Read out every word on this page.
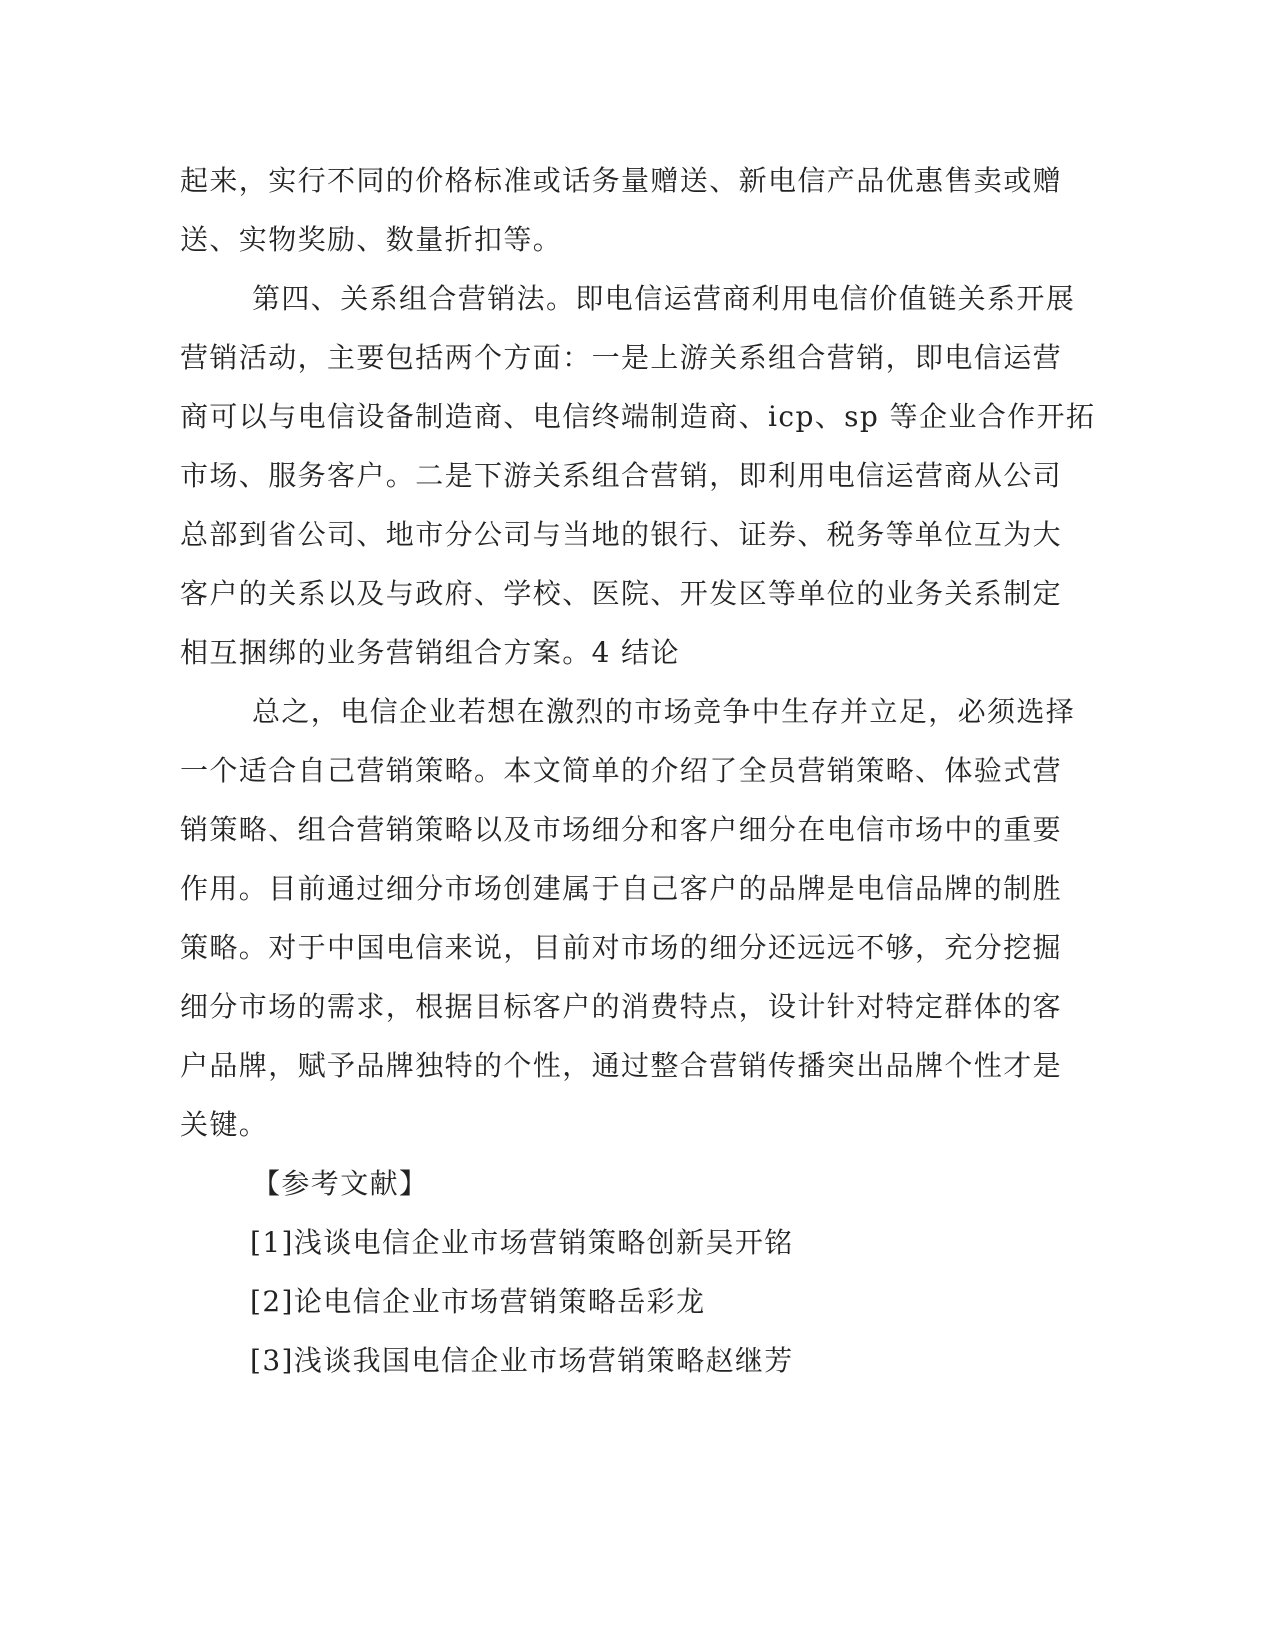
起来，实行不同的价格标准或话务量赠送、新电信产品优惠售卖或赠
送、实物奖励、数量折扣等。
第四、关系组合营销法。即电信运营商利用电信价值链关系开展
营销活动，主要包括两个方面：一是上游关系组合营销，即电信运营
商可以与电信设备制造商、电信终端制造商、icp、sp 等企业合作开拓
市场、服务客户。二是下游关系组合营销，即利用电信运营商从公司
总部到省公司、地市分公司与当地的银行、证券、税务等单位互为大
客户的关系以及与政府、学校、医院、开发区等单位的业务关系制定
相互捆绑的业务营销组合方案。4 结论
总之，电信企业若想在激烈的市场竞争中生存并立足，必须选择
一个适合自己营销策略。本文简单的介绍了全员营销策略、体验式营
销策略、组合营销策略以及市场细分和客户细分在电信市场中的重要
作用。目前通过细分市场创建属于自己客户的品牌是电信品牌的制胜
策略。对于中国电信来说，目前对市场的细分还远远不够，充分挖掘
细分市场的需求，根据目标客户的消费特点，设计针对特定群体的客
户品牌，赋予品牌独特的个性，通过整合营销传播突出品牌个性才是
关键。
【参考文献】
[1]浅谈电信企业市场营销策略创新吴开铭
[2]论电信企业市场营销策略岳彩龙
[3]浅谈我国电信企业市场营销策略赵继芳
